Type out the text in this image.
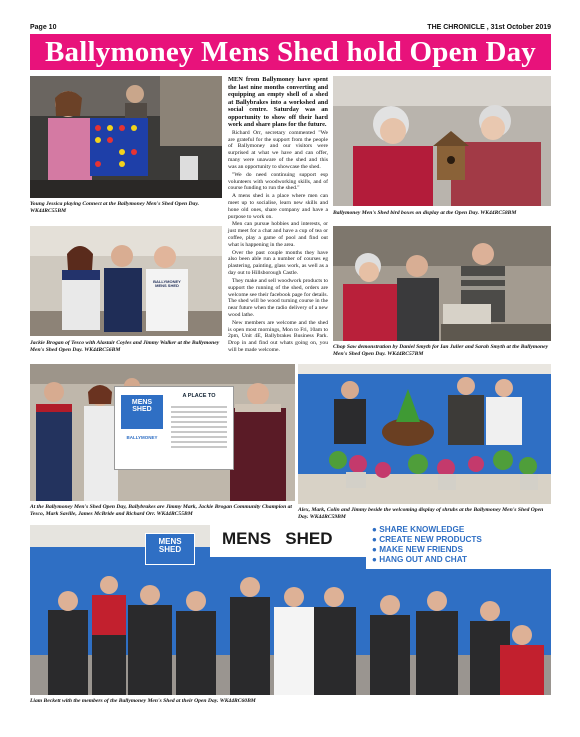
Page 10	THE CHRONICLE , 31st October 2019
Ballymoney Mens Shed hold Open Day
Young Jessica playing Connect at the Ballymoney Men's Shed Open Day. WK44RC55BM

MEN from Ballymoney have spent the last nine months converting and equipping an empty shell of a shed at Ballybrakes into a workshed and social centre. Saturday was an opportunity to show off their hard work and share plans for the future.

Richard Orr, secretary commented "We are grateful for the support from the people of Ballymoney and our visitors were surprised at what we have and can offer, many were unaware of the shed and this was an opportunity to showcase the shed.

"We do need continuing support esp volunteers with woodworking skills, and of course funding to run the shed."

A mens shed is a place where men can meet up to socialise, learn new skills and hone old ones, share company and have a purpose to work on.

Men can pursue hobbies and interests, or just meet for a chat and have a cup of tea or coffee, play a game of pool and find out what is happening in the area.

Over the past couple months they have also been able run a number of courses eg plastering, painting, glass work, as well as a day out to Hillsborough Castle.

They make and sell woodwork products to support the running of the shed, orders are welcome see their facebook page for details. The shed will be wood turning course in the near future when the radio delivery of a new wood lathe.

New members are welcome and the shed is open most mornings, Mon to Fri, 10am to 2pm, Unit 4E, Ballybrakes Business Park. Drop in and find out whats going on, you will be made welcome.

Ballymoney Men's Shed bird boxes on display at the Open Day. WK44RC58BM
BALLYMONEY MENS SHED
Jackie Brogan of Tesco with Alastair Coyles and Jimmy Walker at the Ballymoney Men's Shed Open Day. WK44RC56BM	Chop Saw demonstration by Daniel Smyth for Ian Julier and Sarah Smyth at the Ballymoney Men's Shed Open Day. WK44RC57BM
MENS
SHED
BALLYMONEY
A PLACE TO
At the Ballymoney Men's Shed Open Day, Ballybrakes are Jimmy Mark, Jackie Brogan Community Champion at Tesco, Mark Saville, James McBride and Richard Orr. WK44RC55BM
Alex, Mark, Colin and Jimmy beside the welcoming display of shrubs at the Ballymoney Men's Shed Open Day. WK44RC59BM
MENS
SHED
MENS   SHED	● SHARE KNOWLEDGE
● CREATE NEW PRODUCTS
● MAKE NEW FRIENDS
● HANG OUT AND CHAT
Liam Beckett with the members of the Ballymoney Men's Shed at their Open Day. WK44RC60BM
